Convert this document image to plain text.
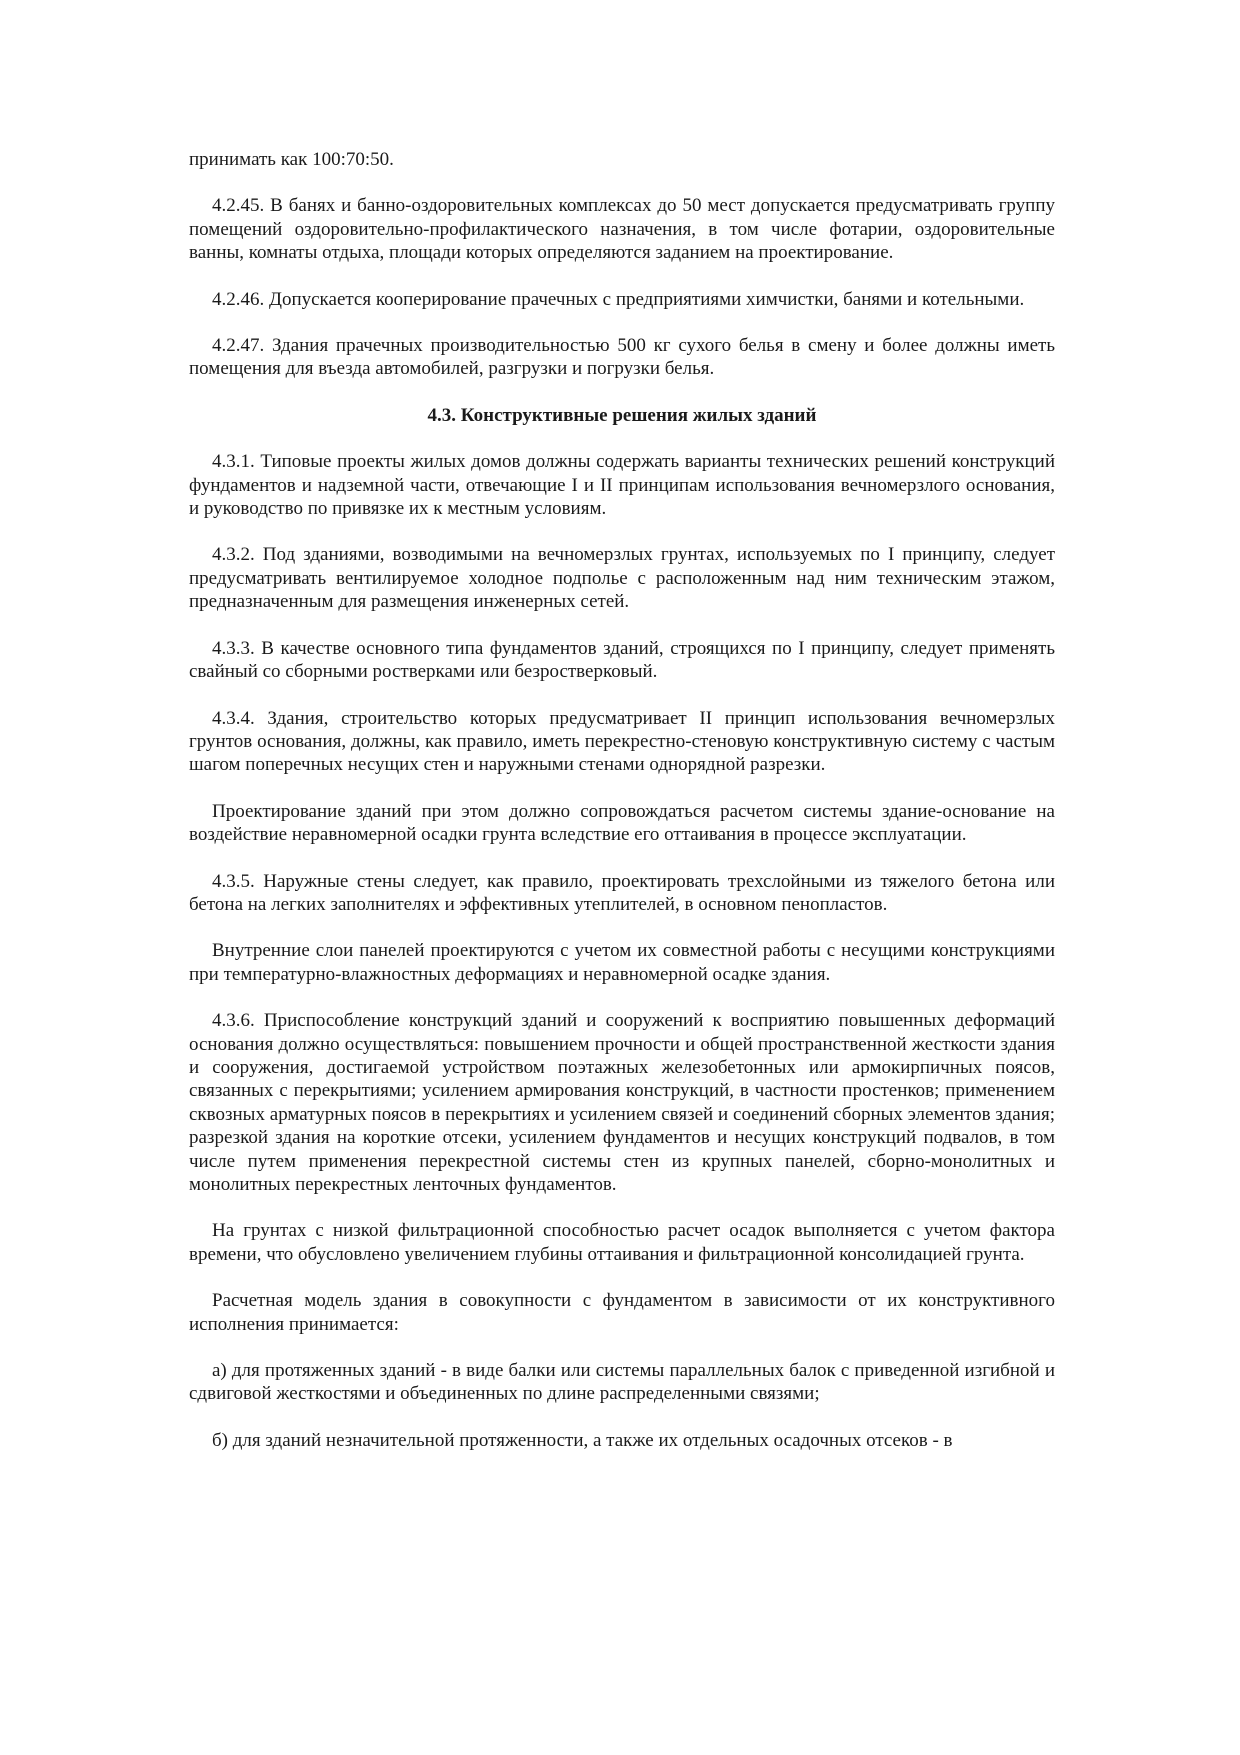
принимать как 100:70:50.

4.2.45. В банях и банно-оздоровительных комплексах до 50 мест допускается предусматривать группу помещений оздоровительно-профилактического назначения, в том числе фотарии, оздоровительные ванны, комнаты отдыха, площади которых определяются заданием на проектирование.

4.2.46. Допускается кооперирование прачечных с предприятиями химчистки, банями и котельными.

4.2.47. Здания прачечных производительностью 500 кг сухого белья в смену и более должны иметь помещения для въезда автомобилей, разгрузки и погрузки белья.

4.3. Конструктивные решения жилых зданий

4.3.1. Типовые проекты жилых домов должны содержать варианты технических решений конструкций фундаментов и надземной части, отвечающие I и II принципам использования вечномерзлого основания, и руководство по привязке их к местным условиям.

4.3.2. Под зданиями, возводимыми на вечномерзлых грунтах, используемых по I принципу, следует предусматривать вентилируемое холодное подполье с расположенным над ним техническим этажом, предназначенным для размещения инженерных сетей.

4.3.3. В качестве основного типа фундаментов зданий, строящихся по I принципу, следует применять свайный со сборными ростверками или безростверковый.

4.3.4. Здания, строительство которых предусматривает II принцип использования вечномерзлых грунтов основания, должны, как правило, иметь перекрестно-стеновую конструктивную систему с частым шагом поперечных несущих стен и наружными стенами однорядной разрезки.

Проектирование зданий при этом должно сопровождаться расчетом системы здание-основание на воздействие неравномерной осадки грунта вследствие его оттаивания в процессе эксплуатации.

4.3.5. Наружные стены следует, как правило, проектировать трехслойными из тяжелого бетона или бетона на легких заполнителях и эффективных утеплителей, в основном пенопластов.

Внутренние слои панелей проектируются с учетом их совместной работы с несущими конструкциями при температурно-влажностных деформациях и неравномерной осадке здания.

4.3.6. Приспособление конструкций зданий и сооружений к восприятию повышенных деформаций основания должно осуществляться: повышением прочности и общей пространственной жесткости здания и сооружения, достигаемой устройством поэтажных железобетонных или армокирпичных поясов, связанных с перекрытиями; усилением армирования конструкций, в частности простенков; применением сквозных арматурных поясов в перекрытиях и усилением связей и соединений сборных элементов здания; разрезкой здания на короткие отсеки, усилением фундаментов и несущих конструкций подвалов, в том числе путем применения перекрестной системы стен из крупных панелей, сборно-монолитных и монолитных перекрестных ленточных фундаментов.

На грунтах с низкой фильтрационной способностью расчет осадок выполняется с учетом фактора времени, что обусловлено увеличением глубины оттаивания и фильтрационной консолидацией грунта.

Расчетная модель здания в совокупности с фундаментом в зависимости от их конструктивного исполнения принимается:

а) для протяженных зданий - в виде балки или системы параллельных балок с приведенной изгибной и сдвиговой жесткостями и объединенных по длине распределенными связями;

б) для зданий незначительной протяженности, а также их отдельных осадочных отсеков - в
